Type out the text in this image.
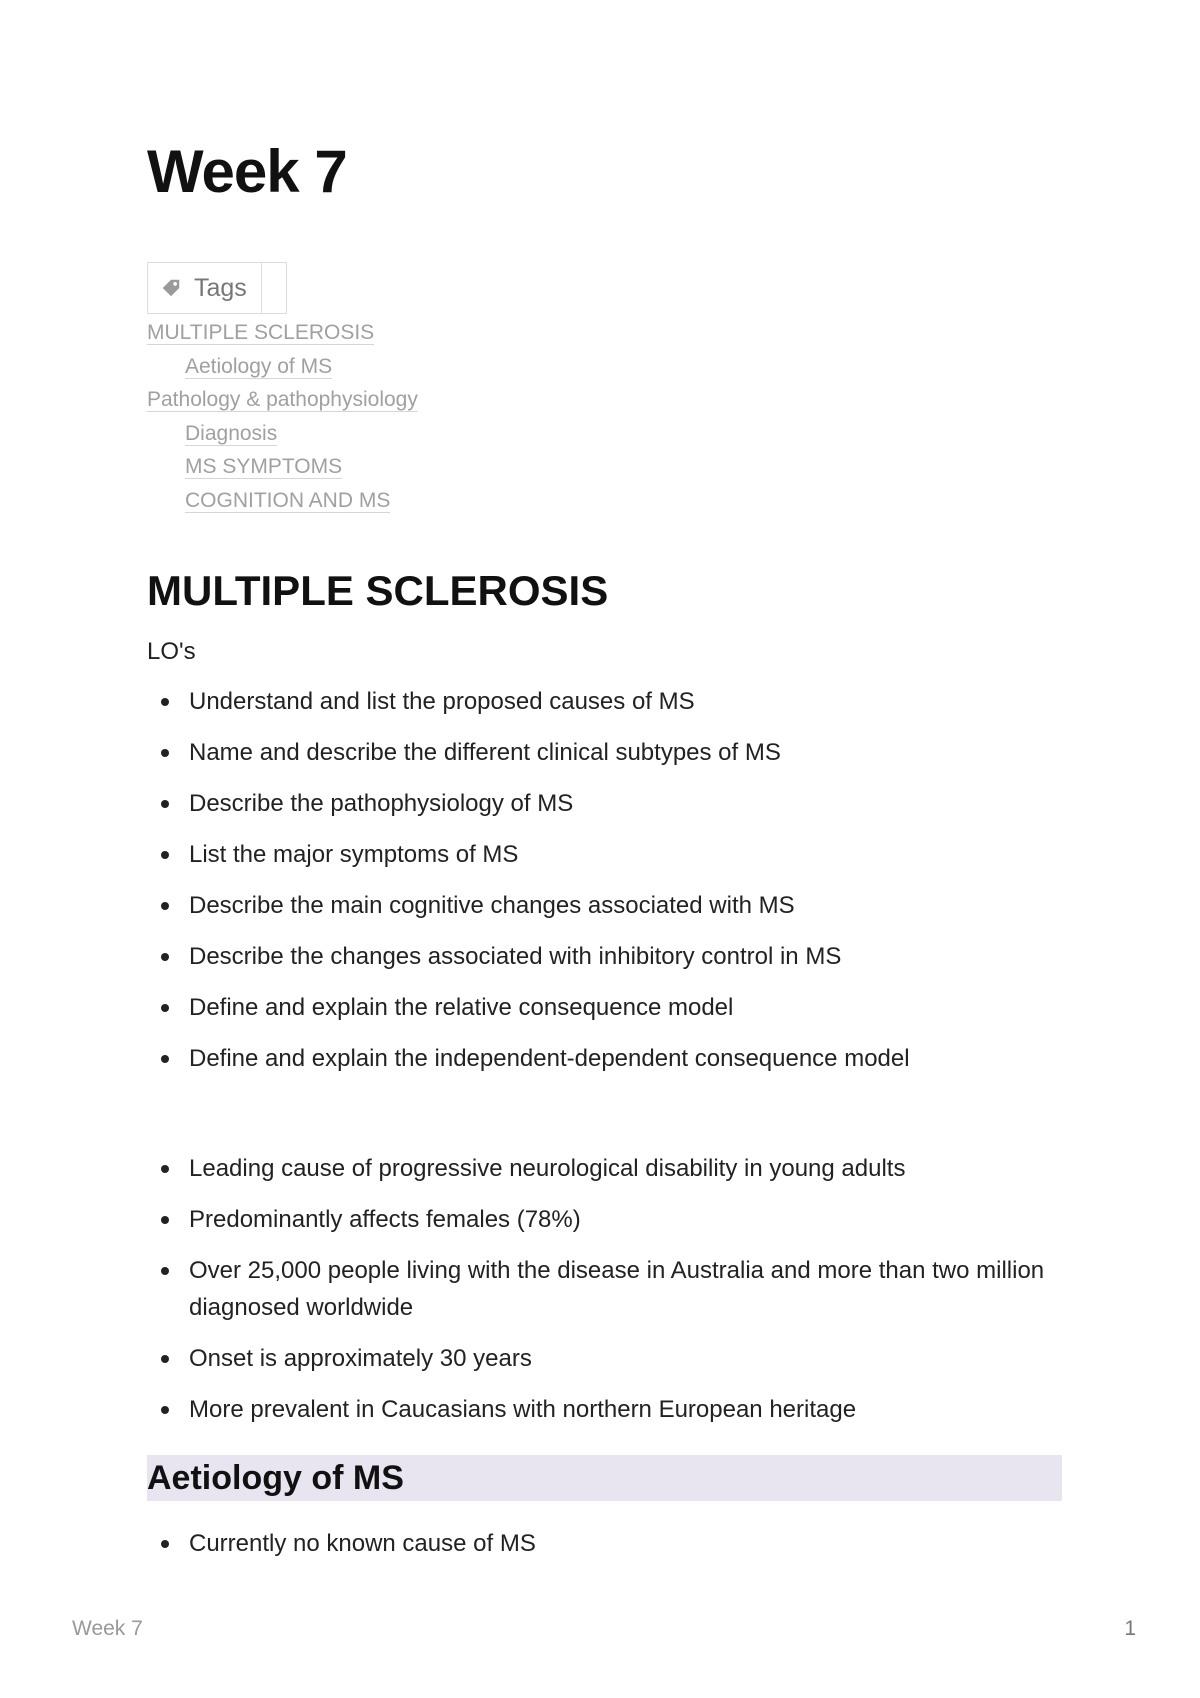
Week 7
Tags
MULTIPLE SCLEROSIS
Aetiology of MS
Pathology & pathophysiology
Diagnosis
MS SYMPTOMS
COGNITION AND MS
MULTIPLE SCLEROSIS

LO's

Understand and list the proposed causes of MS
Name and describe the different clinical subtypes of MS
Describe the pathophysiology of MS
List the major symptoms of MS
Describe the main cognitive changes associated with MS
Describe the changes associated with inhibitory control in MS
Define and explain the relative consequence model
Define and explain the independent-dependent consequence model
Leading cause of progressive neurological disability in young adults
Predominantly affects females (78%)
Over 25,000 people living with the disease in Australia and more than two million diagnosed worldwide
Onset is approximately 30 years
More prevalent in Caucasians with northern European heritage
Aetiology of MS
Currently no known cause of MS
Week 7	1
